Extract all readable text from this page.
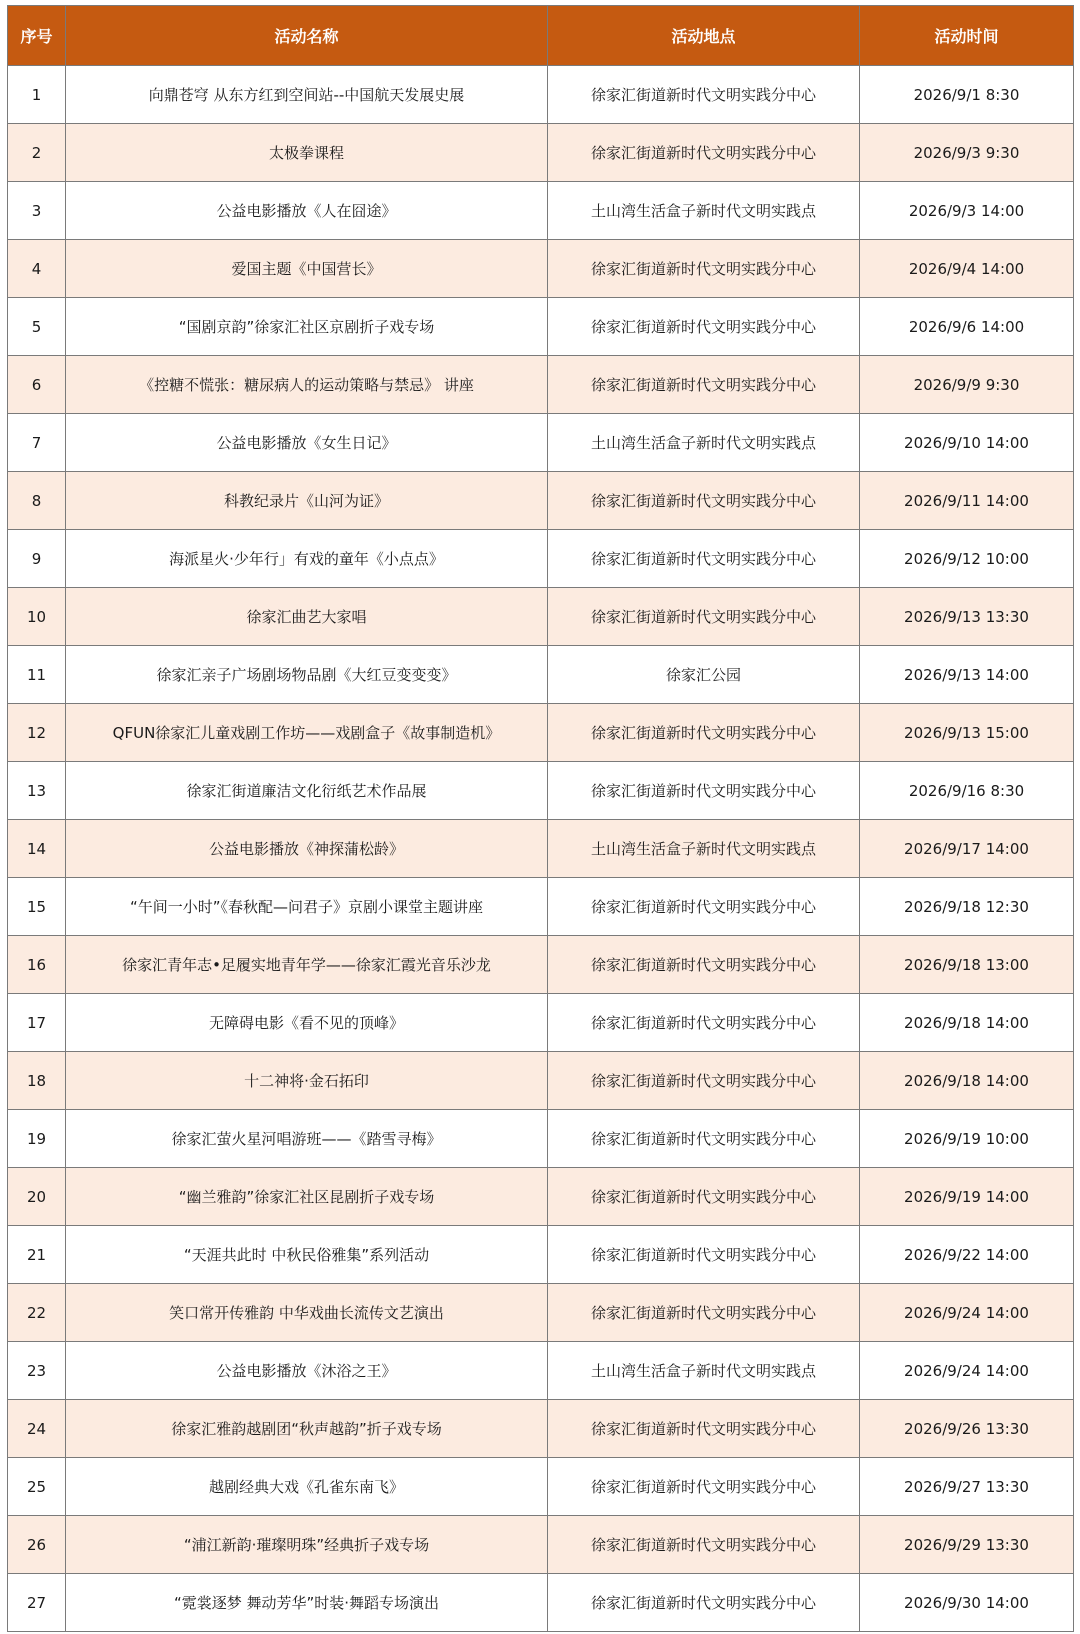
序号	活动名称	活动地点	活动时间
1	向鼎苍穹 从东方红到空间站--中国航天发展史展	徐家汇街道新时代文明实践分中心	2026/9/1 8:30
2	太极拳课程	徐家汇街道新时代文明实践分中心	2026/9/3 9:30
3	公益电影播放《人在囧途》	土山湾生活盒子新时代文明实践点	2026/9/3 14:00
4	爱国主题《中国营长》	徐家汇街道新时代文明实践分中心	2026/9/4 14:00
5	“国剧京韵”徐家汇社区京剧折子戏专场	徐家汇街道新时代文明实践分中心	2026/9/6 14:00
6	《控糖不慌张：糖尿病人的运动策略与禁忌》 讲座	徐家汇街道新时代文明实践分中心	2026/9/9 9:30
7	公益电影播放《女生日记》	土山湾生活盒子新时代文明实践点	2026/9/10 14:00
8	科教纪录片《山河为证》	徐家汇街道新时代文明实践分中心	2026/9/11 14:00
9	海派星火·少年行」有戏的童年《小点点》	徐家汇街道新时代文明实践分中心	2026/9/12 10:00
10	徐家汇曲艺大家唱	徐家汇街道新时代文明实践分中心	2026/9/13 13:30
11	徐家汇亲子广场剧场物品剧《大红豆变变变》	徐家汇公园	2026/9/13 14:00
12	QFUN徐家汇儿童戏剧工作坊——戏剧盒子《故事制造机》	徐家汇街道新时代文明实践分中心	2026/9/13 15:00
13	徐家汇街道廉洁文化衍纸艺术作品展	徐家汇街道新时代文明实践分中心	2026/9/16 8:30
14	公益电影播放《神探蒲松龄》	土山湾生活盒子新时代文明实践点	2026/9/17 14:00
15	“午间一小时”《春秋配—问君子》京剧小课堂主题讲座	徐家汇街道新时代文明实践分中心	2026/9/18 12:30
16	徐家汇青年志•足履实地青年学——徐家汇霞光音乐沙龙	徐家汇街道新时代文明实践分中心	2026/9/18 13:00
17	无障碍电影《看不见的顶峰》	徐家汇街道新时代文明实践分中心	2026/9/18 14:00
18	十二神将·金石拓印	徐家汇街道新时代文明实践分中心	2026/9/18 14:00
19	徐家汇萤火星河唱游班——《踏雪寻梅》	徐家汇街道新时代文明实践分中心	2026/9/19 10:00
20	“幽兰雅韵”徐家汇社区昆剧折子戏专场	徐家汇街道新时代文明实践分中心	2026/9/19 14:00
21	“天涯共此时 中秋民俗雅集”系列活动	徐家汇街道新时代文明实践分中心	2026/9/22 14:00
22	笑口常开传雅韵 中华戏曲长流传文艺演出	徐家汇街道新时代文明实践分中心	2026/9/24 14:00
23	公益电影播放《沐浴之王》	土山湾生活盒子新时代文明实践点	2026/9/24 14:00
24	徐家汇雅韵越剧团“秋声越韵”折子戏专场	徐家汇街道新时代文明实践分中心	2026/9/26 13:30
25	越剧经典大戏《孔雀东南飞》	徐家汇街道新时代文明实践分中心	2026/9/27 13:30
26	“浦江新韵·璀璨明珠”经典折子戏专场	徐家汇街道新时代文明实践分中心	2026/9/29 13:30
27	“霓裳逐梦 舞动芳华”时装·舞蹈专场演出	徐家汇街道新时代文明实践分中心	2026/9/30 14:00
